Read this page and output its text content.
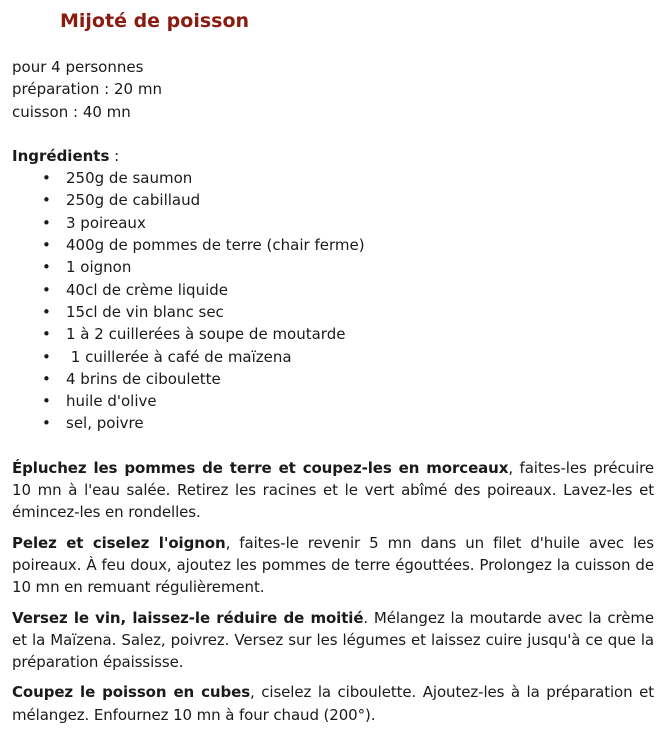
Mijoté de poisson
pour 4 personnes
préparation : 20 mn
cuisson : 40 mn
Ingrédients :
• 250g de saumon
• 250g de cabillaud
• 3 poireaux
• 400g de pommes de terre (chair ferme)
• 1 oignon
• 40cl de crème liquide
• 15cl de vin blanc sec
• 1 à 2 cuillerées à soupe de moutarde
• 1 cuillerée à café de maïzena
• 4 brins de ciboulette
• huile d'olive
• sel, poivre

Épluchez les pommes de terre et coupez-les en morceaux, faites-les précuire 10 mn à l'eau salée. Retirez les racines et le vert abîmé des poireaux. Lavez-les et émincez-les en rondelles.

Pelez et ciselez l'oignon, faites-le revenir 5 mn dans un filet d'huile avec les poireaux. À feu doux, ajoutez les pommes de terre égouttées. Prolongez la cuisson de 10 mn en remuant régulièrement.

Versez le vin, laissez-le réduire de moitié. Mélangez la moutarde avec la crème et la Maïzena. Salez, poivrez. Versez sur les légumes et laissez cuire jusqu'à ce que la préparation épaississe.

Coupez le poisson en cubes, ciselez la ciboulette. Ajoutez-les à la préparation et mélangez. Enfournez 10 mn à four chaud (200°).
